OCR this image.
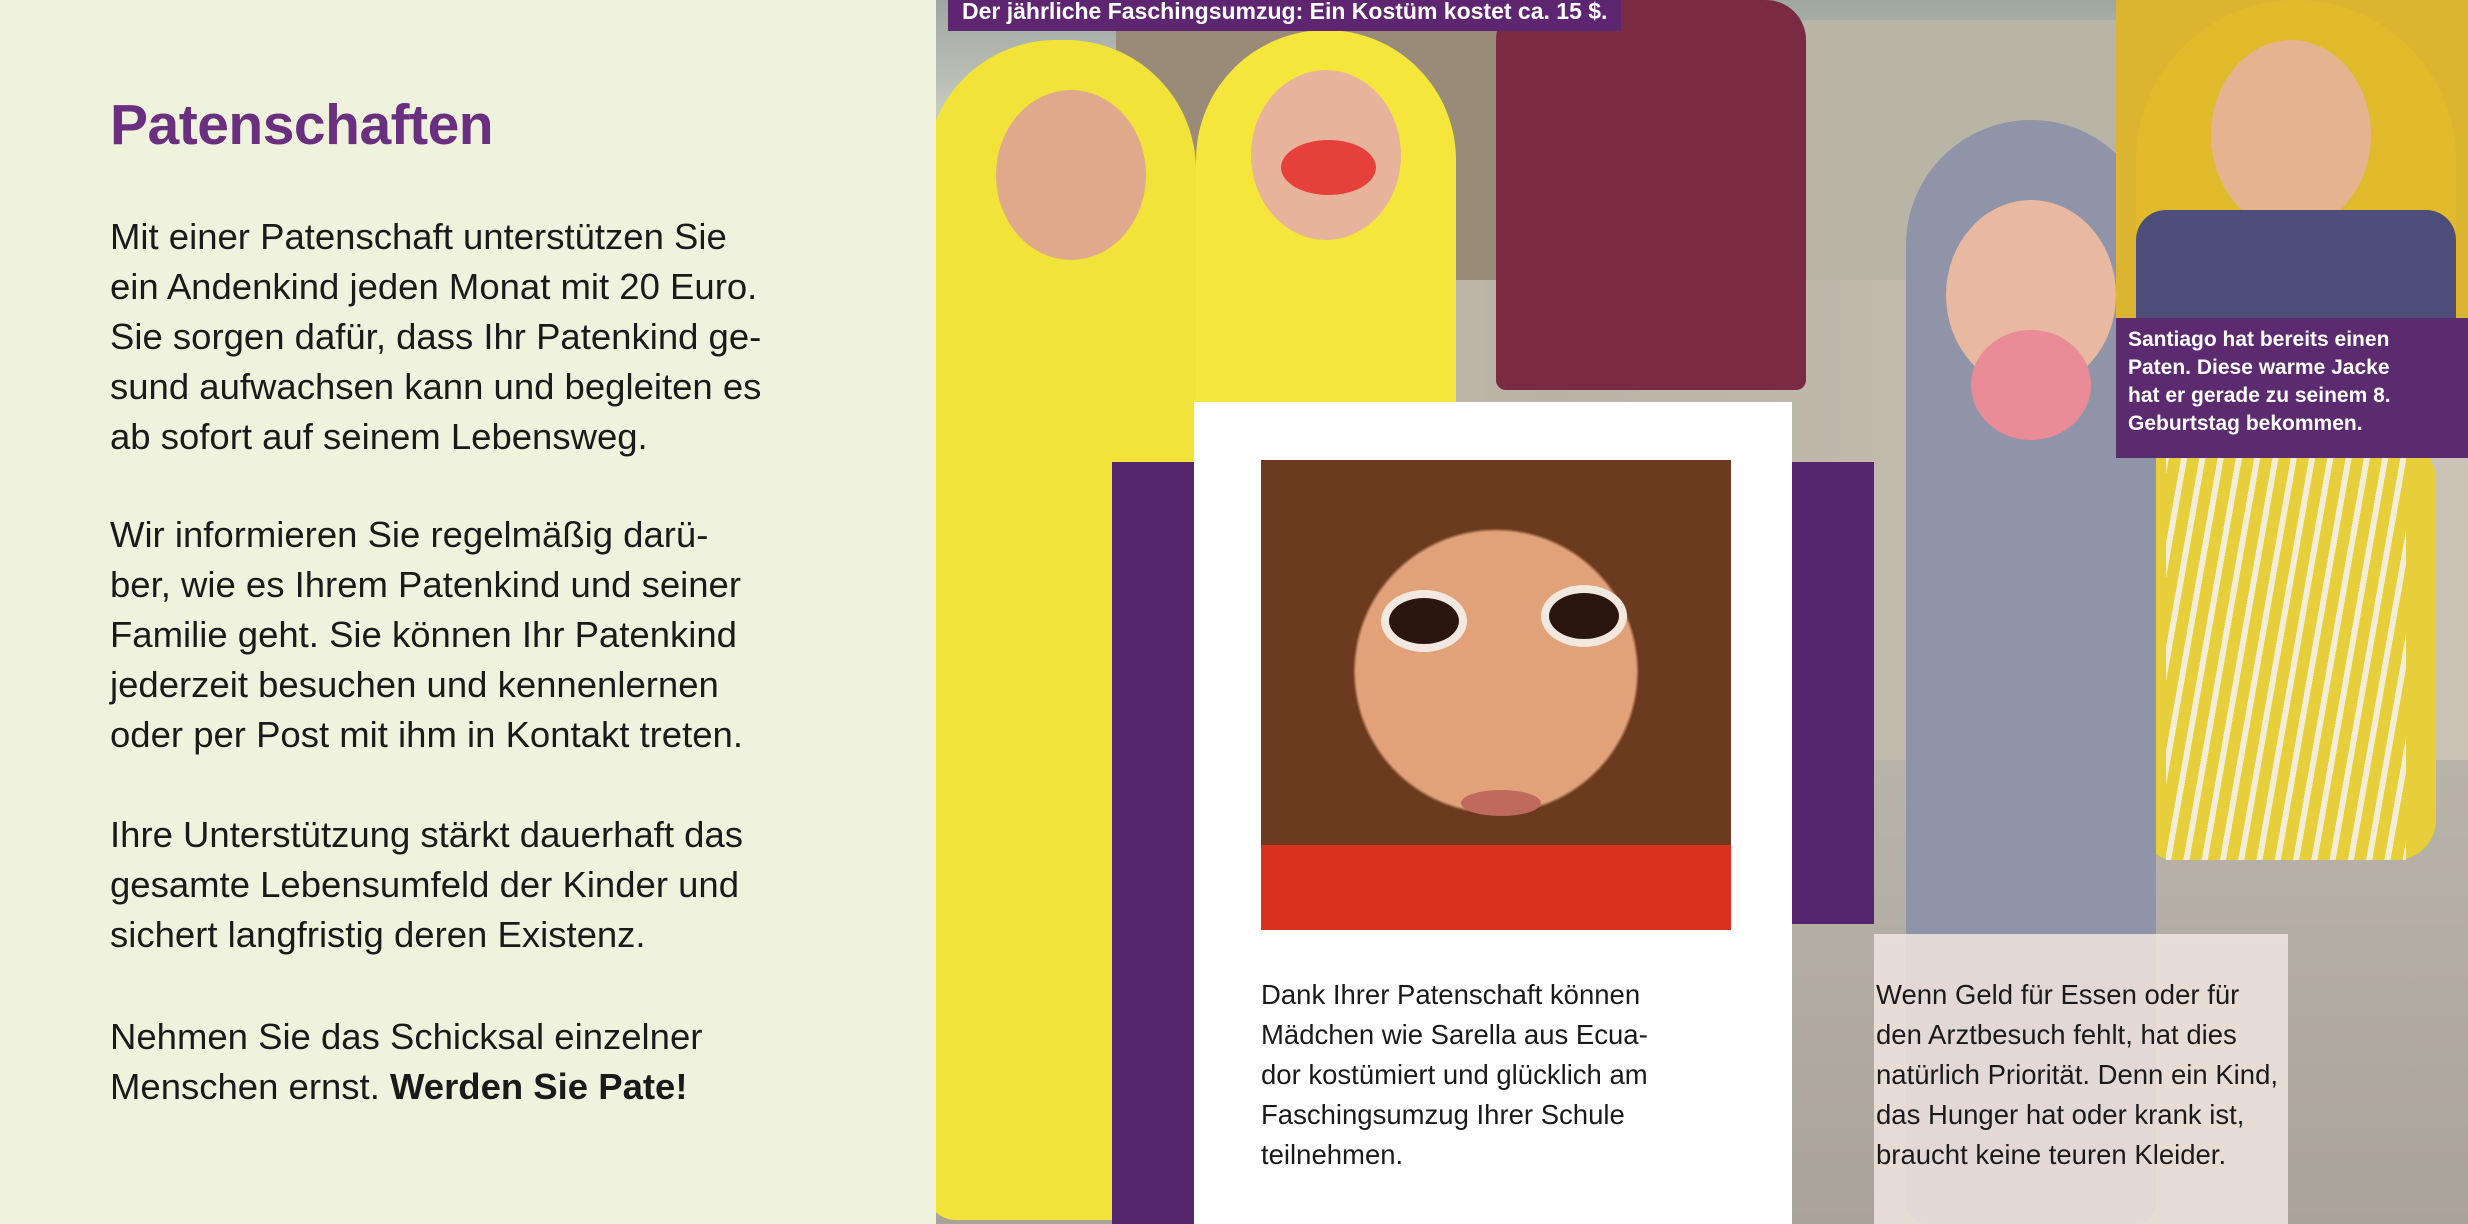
Patenschaften

Mit einer Patenschaft unterstützen Sie
ein Andenkind jeden Monat mit 20 Euro.
Sie sorgen dafür, dass Ihr Patenkind ge-
sund aufwachsen kann und begleiten es
ab sofort auf seinem Lebensweg.

Wir informieren Sie regelmäßig darü-
ber, wie es Ihrem Patenkind und seiner
Familie geht. Sie können Ihr Patenkind
jederzeit besuchen und kennenlernen
oder per Post mit ihm in Kontakt treten.

Ihre Unterstützung stärkt dauerhaft das
gesamte Lebensumfeld der Kinder und
sichert langfristig deren Existenz.

Nehmen Sie das Schicksal einzelner
Menschen ernst. Werden Sie Pate!

Der jährliche Faschingsumzug: Ein Kostüm kostet ca. 15 $.
Santiago hat bereits einen
Paten. Diese warme Jacke
hat er gerade zu seinem 8.
Geburtstag bekommen.

Dank Ihrer Patenschaft können
Mädchen wie Sarella aus Ecua-
dor kostümiert und glücklich am
Faschingsumzug Ihrer Schule
teilnehmen.

Wenn Geld für Essen oder für
den Arztbesuch fehlt, hat dies
natürlich Priorität. Denn ein Kind,
das Hunger hat oder krank ist,
braucht keine teuren Kleider.
